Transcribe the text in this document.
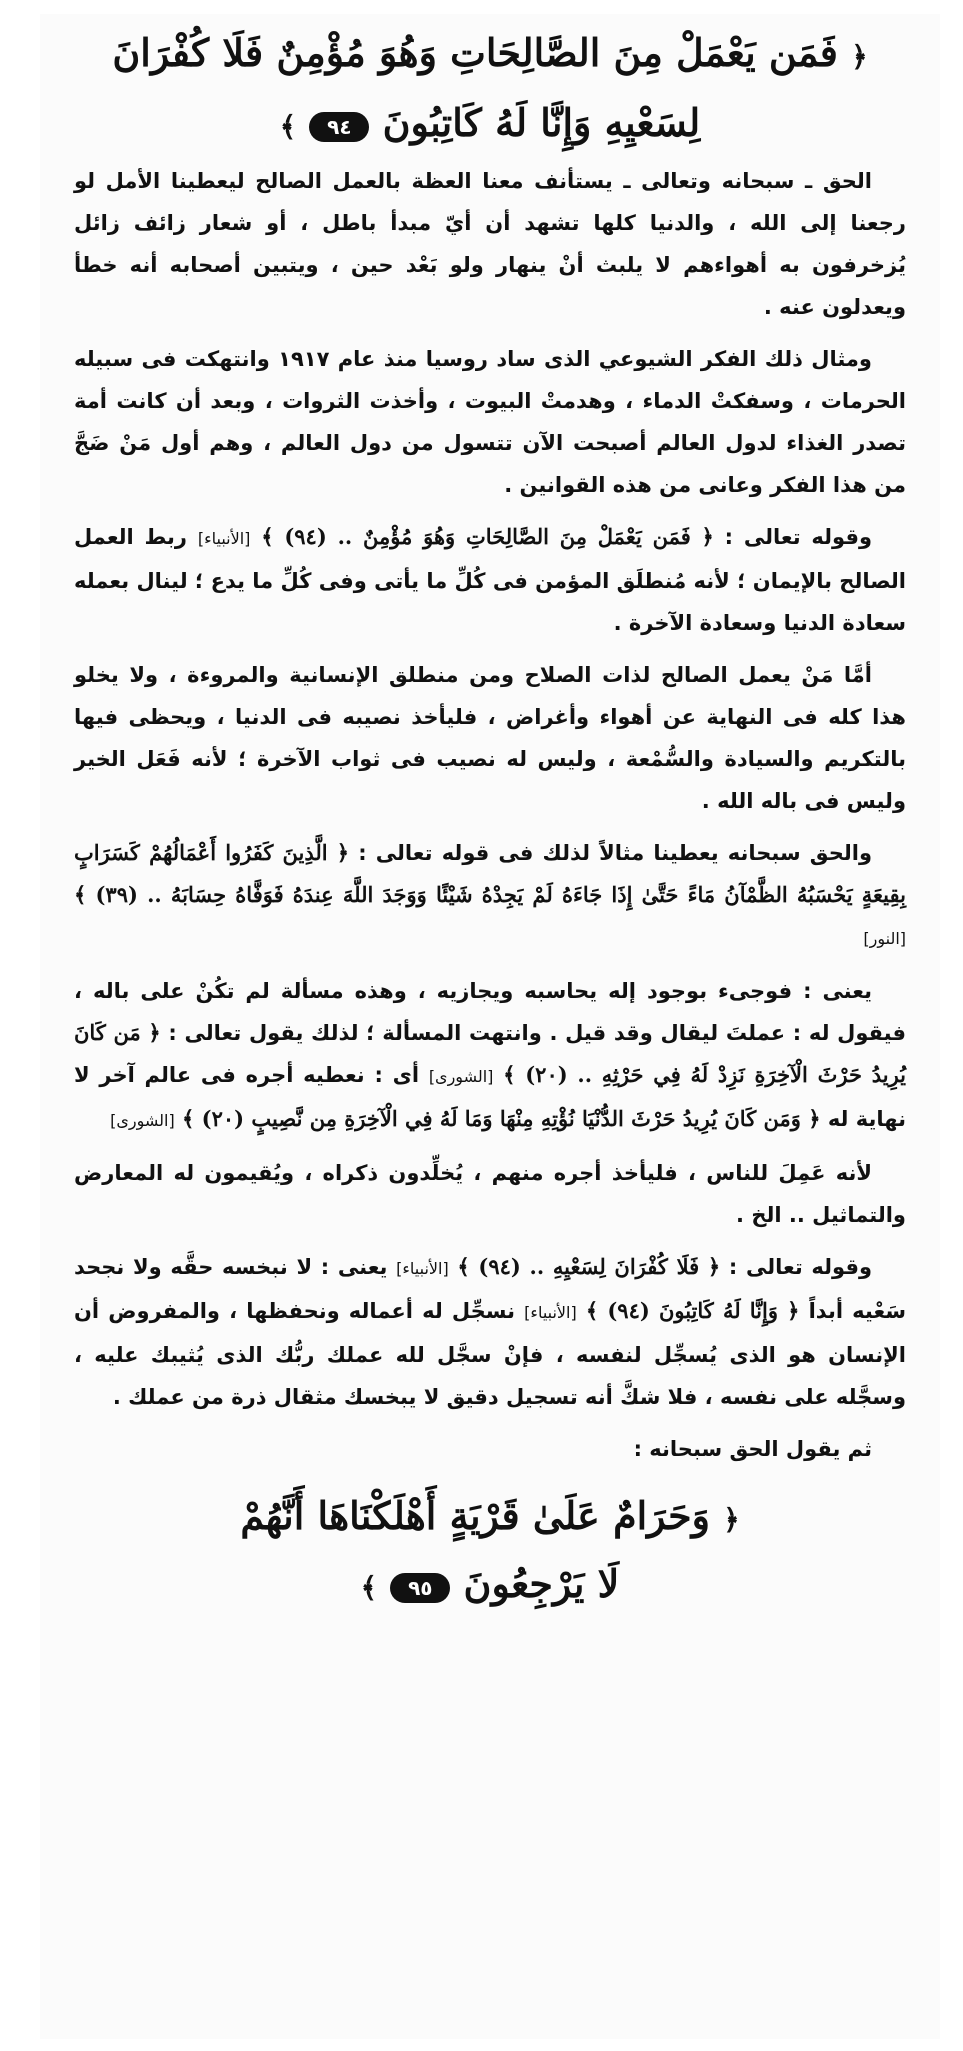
﴿ فَمَن يَعْمَلْ مِنَ الصَّالِحَاتِ وَهُوَ مُؤْمِنٌ فَلَا كُفْرَانَ
لِسَعْيِهِ وَإِنَّا لَهُ كَاتِبُونَ ٩٤ ﴾

الحق ـ سبحانه وتعالى ـ يستأنف معنا العظة بالعمل الصالح ليعطينا الأمل لو رجعنا إلى الله ، والدنيا كلها تشهد أن أيّ مبدأ باطل ، أو شعار زائف زائل يُزخرفون به أهواءهم لا يلبث أنْ ينهار ولو بَعْد حين ، ويتبين أصحابه أنه خطأ ويعدلون عنه .

ومثال ذلك الفكر الشيوعي الذى ساد روسيا منذ عام ١٩١٧ وانتهكت فى سبيله الحرمات ، وسفكتْ الدماء ، وهدمتْ البيوت ، وأخذت الثروات ، وبعد أن كانت أمة تصدر الغذاء لدول العالم أصبحت الآن تتسول من دول العالم ، وهم أول مَنْ ضَجَّ من هذا الفكر وعانى من هذه القوانين .

وقوله تعالى : ﴿ فَمَن يَعْمَلْ مِنَ الصَّالِحَاتِ وَهُوَ مُؤْمِنٌ .. (٩٤) ﴾ [الأنبياء] ربط العمل الصالح بالإيمان ؛ لأنه مُنطلَق المؤمن فى كُلِّ ما يأتى وفى كُلِّ ما يدع ؛ لينال بعمله سعادة الدنيا وسعادة الآخرة .

أمَّا مَنْ يعمل الصالح لذات الصلاح ومن منطلق الإنسانية والمروءة ، ولا يخلو هذا كله فى النهاية عن أهواء وأغراض ، فليأخذ نصيبه فى الدنيا ، ويحظى فيها بالتكريم والسيادة والسُّمْعة ، وليس له نصيب فى ثواب الآخرة ؛ لأنه فَعَل الخير وليس فى باله الله .

والحق سبحانه يعطينا مثالاً لذلك فى قوله تعالى : ﴿ الَّذِينَ كَفَرُوا أَعْمَالُهُمْ كَسَرَابٍ بِقِيعَةٍ يَحْسَبُهُ الظَّمْآنُ مَاءً حَتَّىٰ إِذَا جَاءَهُ لَمْ يَجِدْهُ شَيْئًا وَوَجَدَ اللَّهَ عِندَهُ فَوَفَّاهُ حِسَابَهُ .. (٣٩) ﴾ [النور]

يعنى : فوجىء بوجود إله يحاسبه ويجازيه ، وهذه مسألة لم تكُنْ على باله ، فيقول له : عملتَ ليقال وقد قيل . وانتهت المسألة ؛ لذلك يقول تعالى : ﴿ مَن كَانَ يُرِيدُ حَرْثَ الْآخِرَةِ نَزِدْ لَهُ فِي حَرْثِهِ .. (٢٠) ﴾ [الشورى] أى : نعطيه أجره فى عالم آخر لا نهاية له ﴿ وَمَن كَانَ يُرِيدُ حَرْثَ الدُّنْيَا نُؤْتِهِ مِنْهَا وَمَا لَهُ فِي الْآخِرَةِ مِن نَّصِيبٍ (٢٠) ﴾ [الشورى]

لأنه عَمِلَ للناس ، فليأخذ أجره منهم ، يُخلِّدون ذكراه ، ويُقيمون له المعارض والتماثيل .. الخ .

وقوله تعالى : ﴿ فَلَا كُفْرَانَ لِسَعْيِهِ .. (٩٤) ﴾ [الأنبياء] يعنى : لا نبخسه حقَّه ولا نجحد سَعْيه أبداً ﴿ وَإِنَّا لَهُ كَاتِبُونَ (٩٤) ﴾ [الأنبياء] نسجِّل له أعماله ونحفظها ، والمفروض أن الإنسان هو الذى يُسجِّل لنفسه ، فإنْ سجَّل لله عملك ربُّك الذى يُثيبك عليه ، وسجَّله على نفسه ، فلا شكَّ أنه تسجيل دقيق لا يبخسك مثقال ذرة من عملك .

ثم يقول الحق سبحانه :

﴿ وَحَرَامٌ عَلَىٰ قَرْيَةٍ أَهْلَكْنَاهَا أَنَّهُمْ
لَا يَرْجِعُونَ ٩٥ ﴾
